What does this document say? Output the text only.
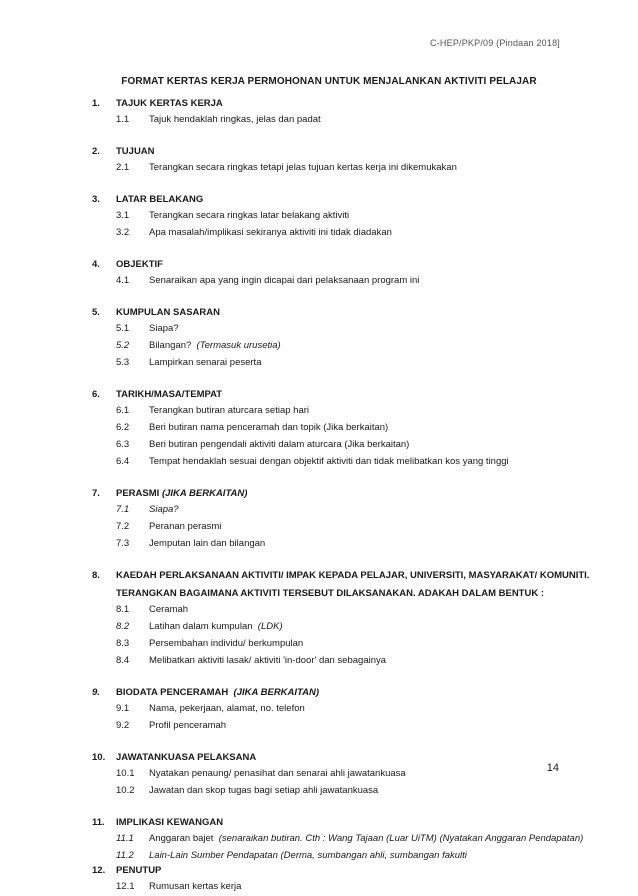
C-HEP/PKP/09 (Pindaan 2018]
FORMAT KERTAS KERJA PERMOHONAN UNTUK MENJALANKAN AKTIVITI PELAJAR
1. TAJUK KERTAS KERJA
1.1 Tajuk hendaklah ringkas, jelas dan padat
2. TUJUAN
2.1 Terangkan secara ringkas tetapi jelas tujuan kertas kerja ini dikemukakan
3. LATAR BELAKANG
3.1 Terangkan secara ringkas latar belakang aktiviti
3.2 Apa masalah/implikasi sekiranya aktiviti ini tidak diadakan
4. OBJEKTIF
4.1 Senaraikan apa yang ingin dicapai dari pelaksanaan program ini
5. KUMPULAN SASARAN
5.1 Siapa?
5.2 Bilangan? (Termasuk urusetia)
5.3 Lampirkan senarai peserta
6. TARIKH/MASA/TEMPAT
6.1 Terangkan butiran aturcara setiap hari
6.2 Beri butiran nama penceramah dan topik (Jika berkaitan)
6.3 Beri butiran pengendali aktiviti dalam aturcara (Jika berkaitan)
6.4 Tempat hendaklah sesuai dengan objektif aktiviti dan tidak melibatkan kos yang tinggi
7. PERASMI (JIKA BERKAITAN)
7.1 Siapa?
7.2 Peranan perasmi
7.3 Jemputan lain dan bilangan
8. KAEDAH PERLAKSANAAN AKTIVITI/ IMPAK KEPADA PELAJAR, UNIVERSITI, MASYARAKAT/ KOMUNITI.
TERANGKAN BAGAIMANA AKTIVITI TERSEBUT DILAKSANAKAN. ADAKAH DALAM BENTUK :
8.1 Ceramah
8.2 Latihan dalam kumpulan (LDK)
8.3 Persembahan individu/ berkumpulan
8.4 Melibatkan aktiviti lasak/ aktiviti 'in-door' dan sebagainya
9. BIODATA PENCERAMAH (JIKA BERKAITAN)
9.1 Nama, pekerjaan, alamat, no. telefon
9.2 Profil penceramah
10. JAWATANKUASA PELAKSANA
10.1 Nyatakan penaung/ penasihat dan senarai ahli jawatankuasa
10.2 Jawatan dan skop tugas bagi setiap ahli jawatankuasa
11. IMPLIKASI KEWANGAN
11.1 Anggaran bajet (senaraikan butiran. Cth : Wang Tajaan (Luar UiTM) (Nyatakan Anggaran Pendapatan)
11.2 Lain-Lain Sumber Pendapatan (Derma, sumbangan ahli, sumbangan fakulti
12. PENUTUP
12.1 Rumusan kertas kerja
14
